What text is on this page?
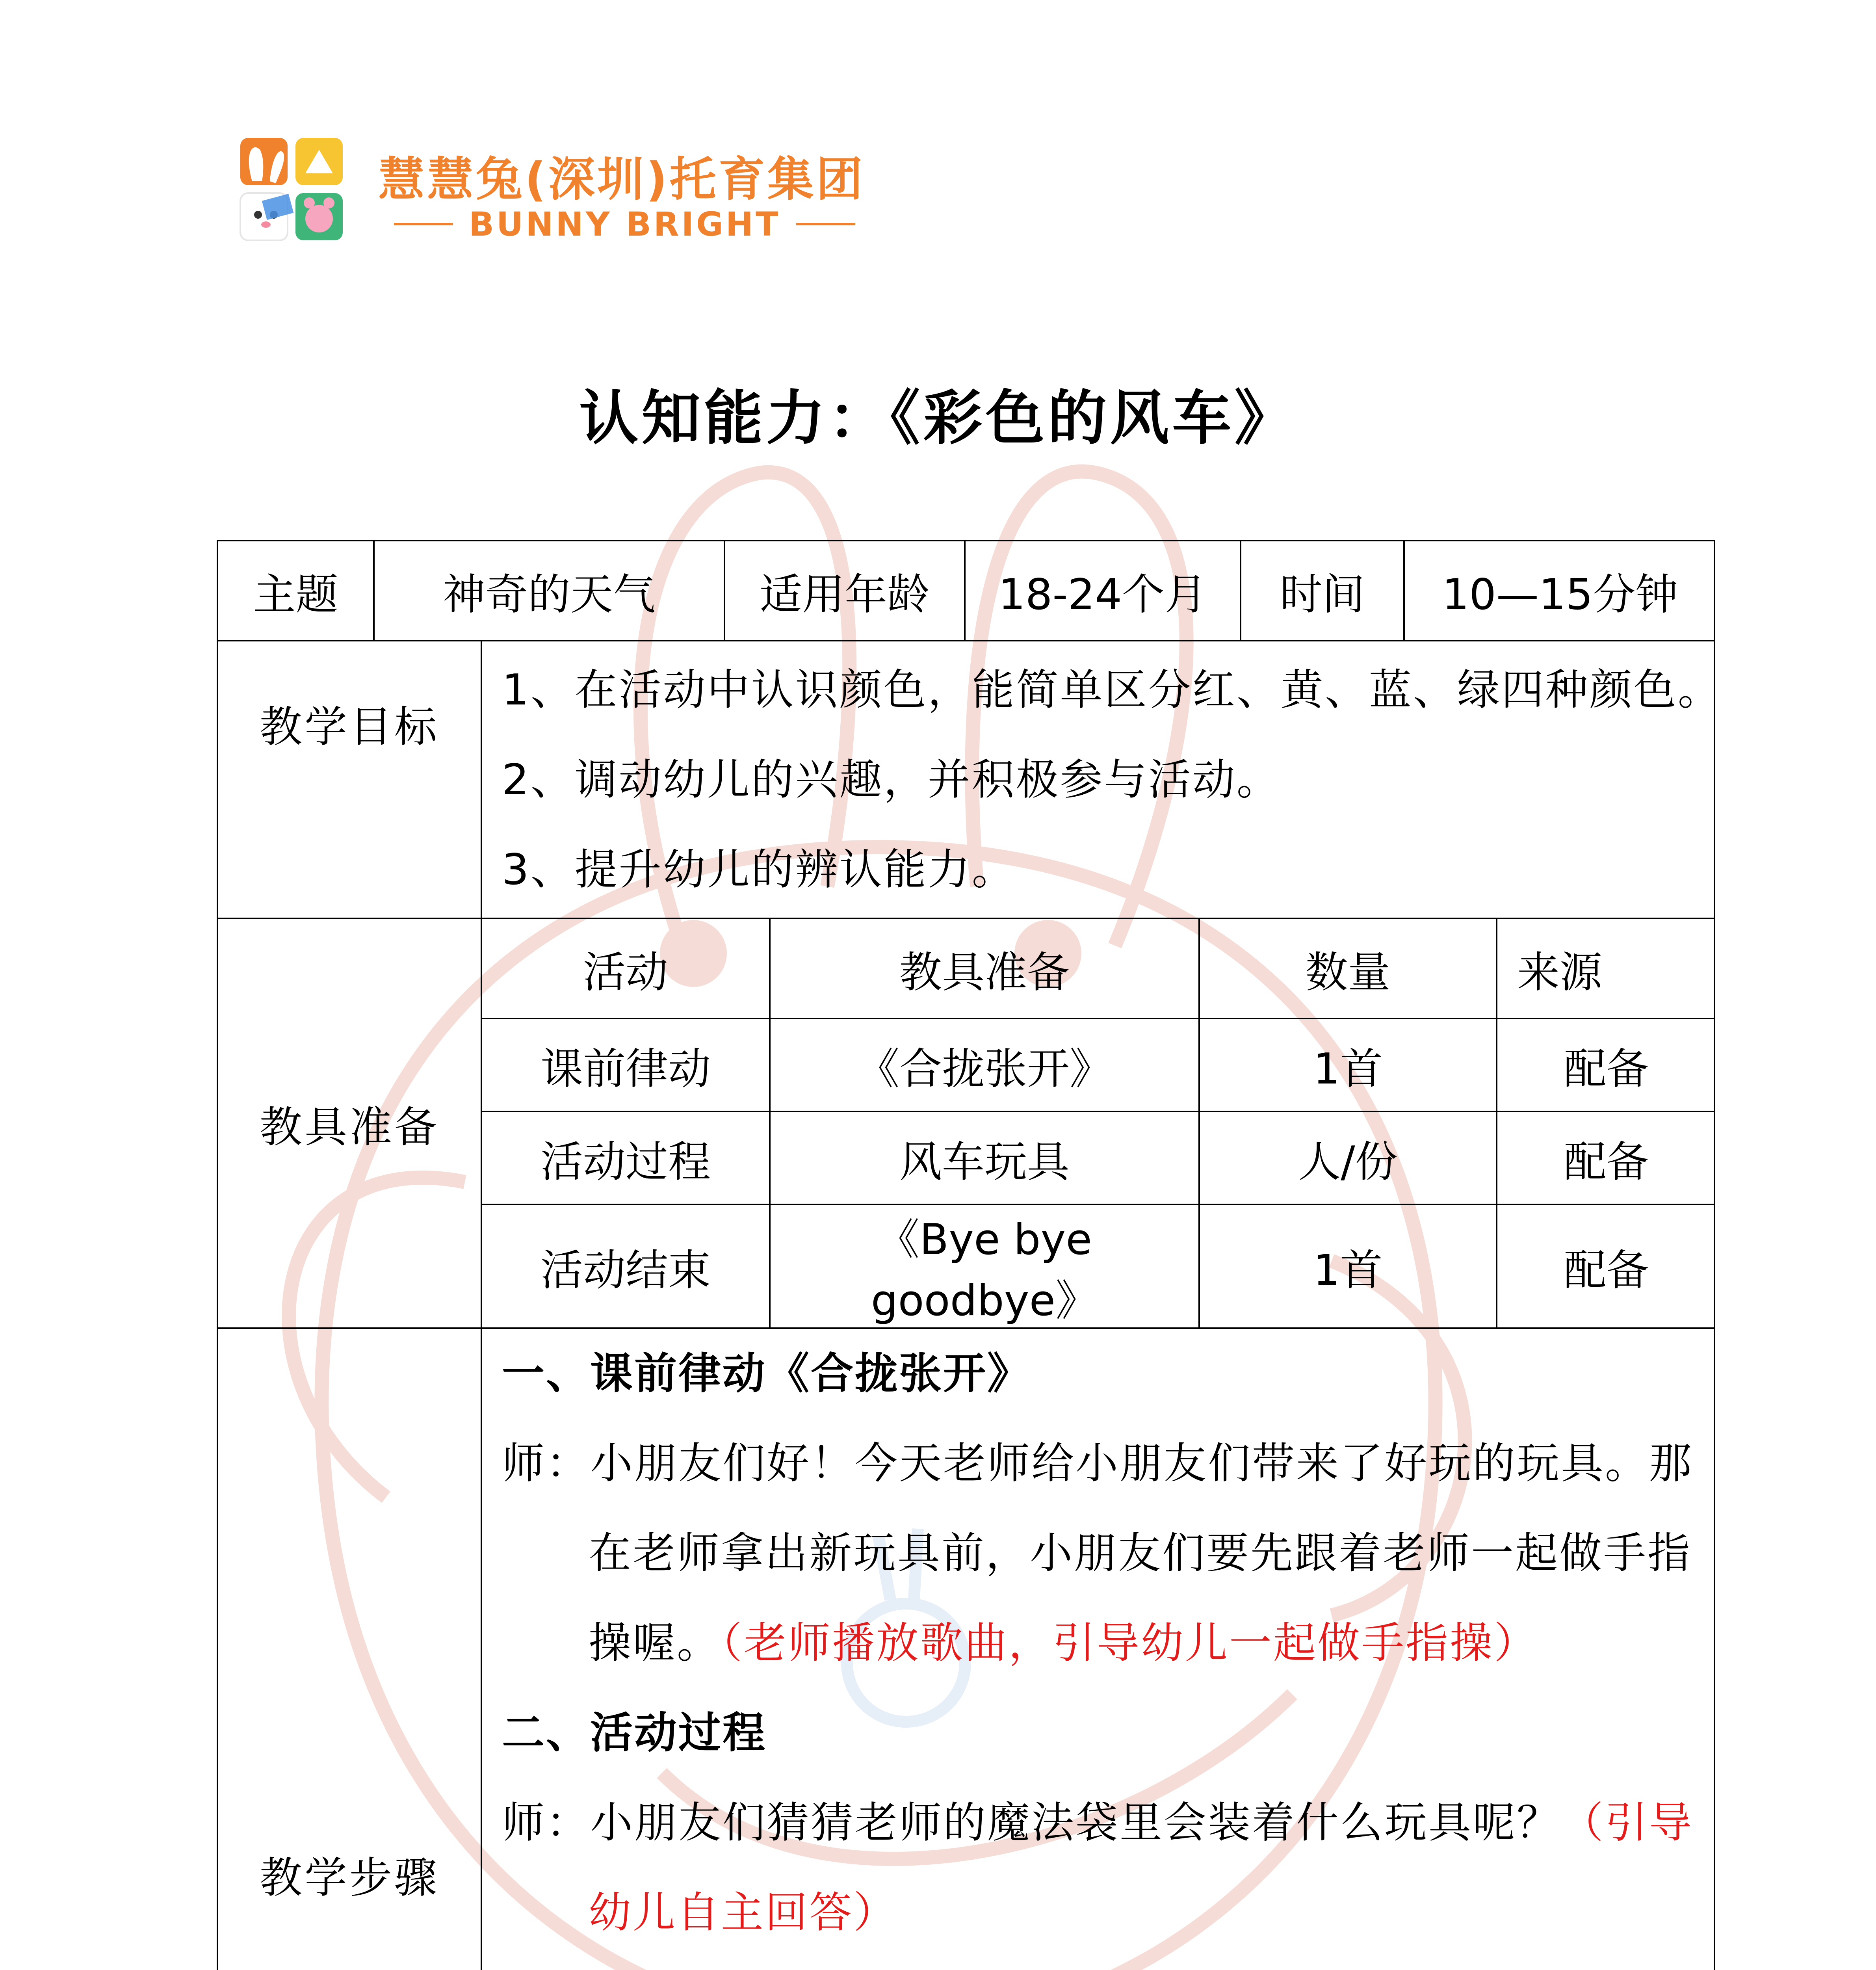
慧慧兔(深圳)托育集团
BUNNY BRIGHT
认知能力：《彩色的风车》
主题	神奇的天气	适用年龄	18-24个月	时间	10—15分钟

教学目标	
1、在活动中认识颜色，能简单区分红、黄、蓝、绿四种颜色。
2、调动幼儿的兴趣，并积极参与活动。
3、提升幼儿的辨认能力。

教具准备	
活动	教具准备	数量	来源
课前律动	《合拢张开》	1首	配备
活动过程	风车玩具	人/份	配备
活动结束	《Bye bye goodbye》	1首	配备

教学步骤	
一、课前律动《合拢张开》
师：小朋友们好！今天老师给小朋友们带来了好玩的玩具。那
在老师拿出新玩具前，小朋友们要先跟着老师一起做手指
操喔。（老师播放歌曲，引导幼儿一起做手指操）
二、活动过程
师：小朋友们猜猜老师的魔法袋里会装着什么玩具呢？（引导
幼儿自主回答）
